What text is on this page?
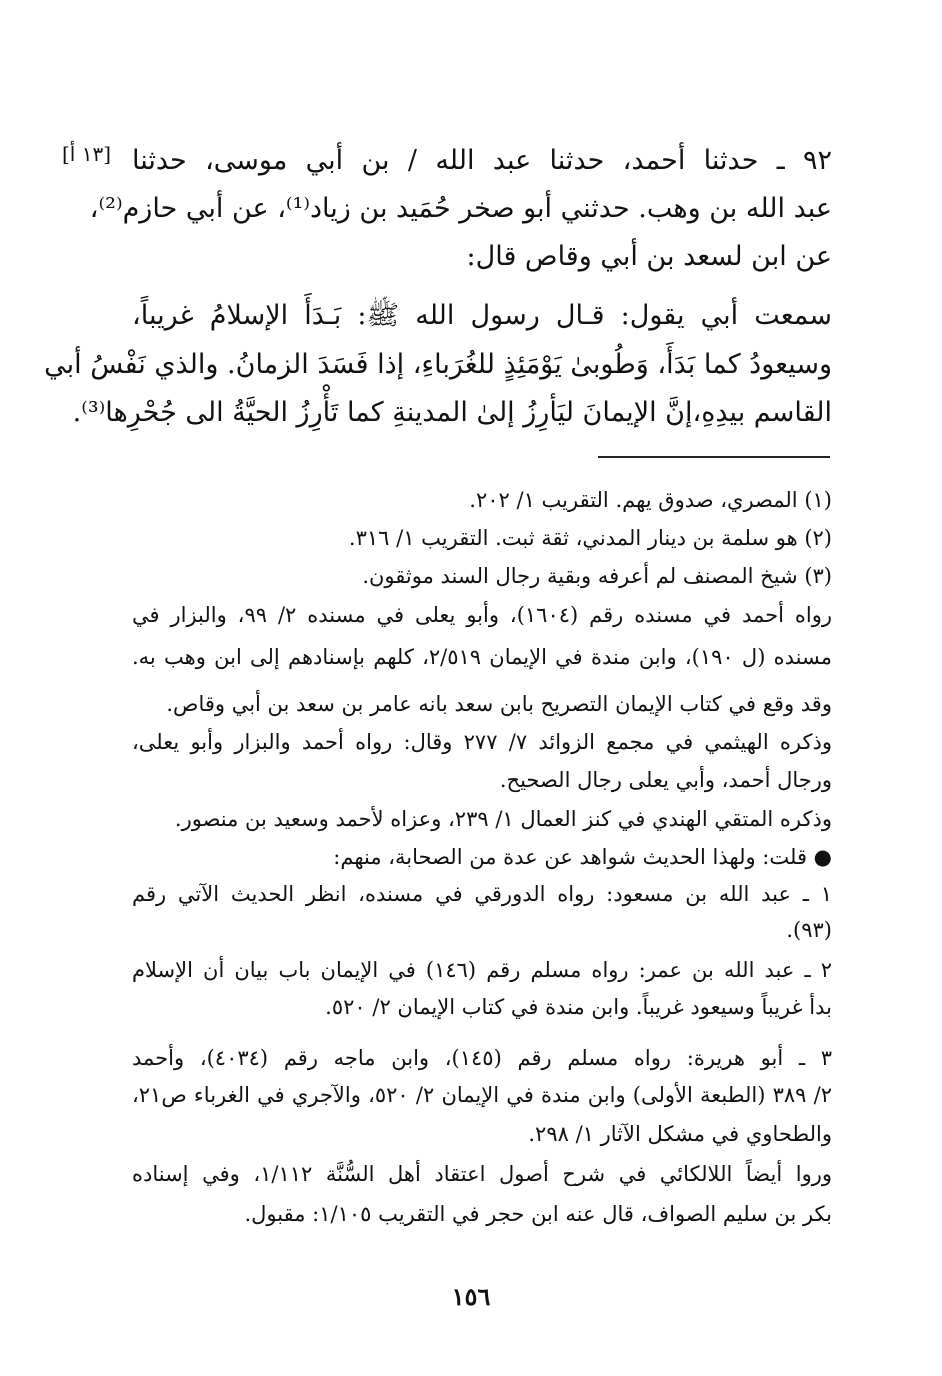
[١٣ أ] ٩٢ ـ حدثنا أحمد، حدثنا عبد الله / بن أبي موسى، حدثنا
عبد الله بن وهب. حدثني أبو صخر حُمَيد بن زياد⁽¹⁾، عن أبي حازم⁽²⁾،
عن ابن لسعد بن أبي وقاص قال:
سمعت أبي يقول: قـال رسول الله ﷺ: بَـدَأَ الإسلامُ غريباً،
وسيعودُ كما بَدَأَ، وَطُوبىٰ يَوْمَئِذٍ للغُرَباءِ، إذا فَسَدَ الزمانُ. والذي نَفْسُ أبي
القاسم بيدِهِ،إنَّ الإيمانَ ليَأرِزُ إلىٰ المدينةِ كما تَأْرِزُ الحيَّةُ الى جُحْرِها⁽³⁾.
(١) المصري، صدوق يهم. التقريب ١/ ٢٠٢.
(٢) هو سلمة بن دينار المدني، ثقة ثبت. التقريب ١/ ٣١٦.
(٣) شيخ المصنف لم أعرفه وبقية رجال السند موثقون.
رواه أحمد في مسنده رقم (١٦٠٤)، وأبو يعلى في مسنده ٢/ ٩٩، والبزار في
مسنده (ل ١٩٠)، وابن مندة في الإيمان ٢/٥١٩، كلهم بإسنادهم إلى ابن وهب به.
وقد وقع في كتاب الإيمان التصريح بابن سعد بانه عامر بن سعد بن أبي وقاص.
وذكره الهيثمي في مجمع الزوائد ٧/ ٢٧٧ وقال: رواه أحمد والبزار وأبو يعلى،
ورجال أحمد، وأبي يعلى رجال الصحيح.
وذكره المتقي الهندي في كنز العمال ١/ ٢٣٩، وعزاه لأحمد وسعيد بن منصور.
● قلت: ولهذا الحديث شواهد عن عدة من الصحابة، منهم:
١ ـ عبد الله بن مسعود: رواه الدورقي في مسنده، انظر الحديث الآتي رقم
(٩٣).
٢ ـ عبد الله بن عمر: رواه مسلم رقم (١٤٦) في الإيمان باب بيان أن الإسلام
بدأ غريباً وسيعود غريباً. وابن مندة في كتاب الإيمان ٢/ ٥٢٠.
٣ ـ أبو هريرة: رواه مسلم رقم (١٤٥)، وابن ماجه رقم (٤٠٣٤)، وأحمد
٢/ ٣٨٩ (الطبعة الأولى) وابن مندة في الإيمان ٢/ ٥٢٠، والآجري في الغرباء ص٢١،
والطحاوي في مشكل الآثار ١/ ٢٩٨.
وروا أيضاً اللالكائي في شرح أصول اعتقاد أهل السُّنَّة ١/١١٢، وفي إسناده
بكر بن سليم الصواف، قال عنه ابن حجر في التقريب ١/١٠٥: مقبول.
١٥٦
